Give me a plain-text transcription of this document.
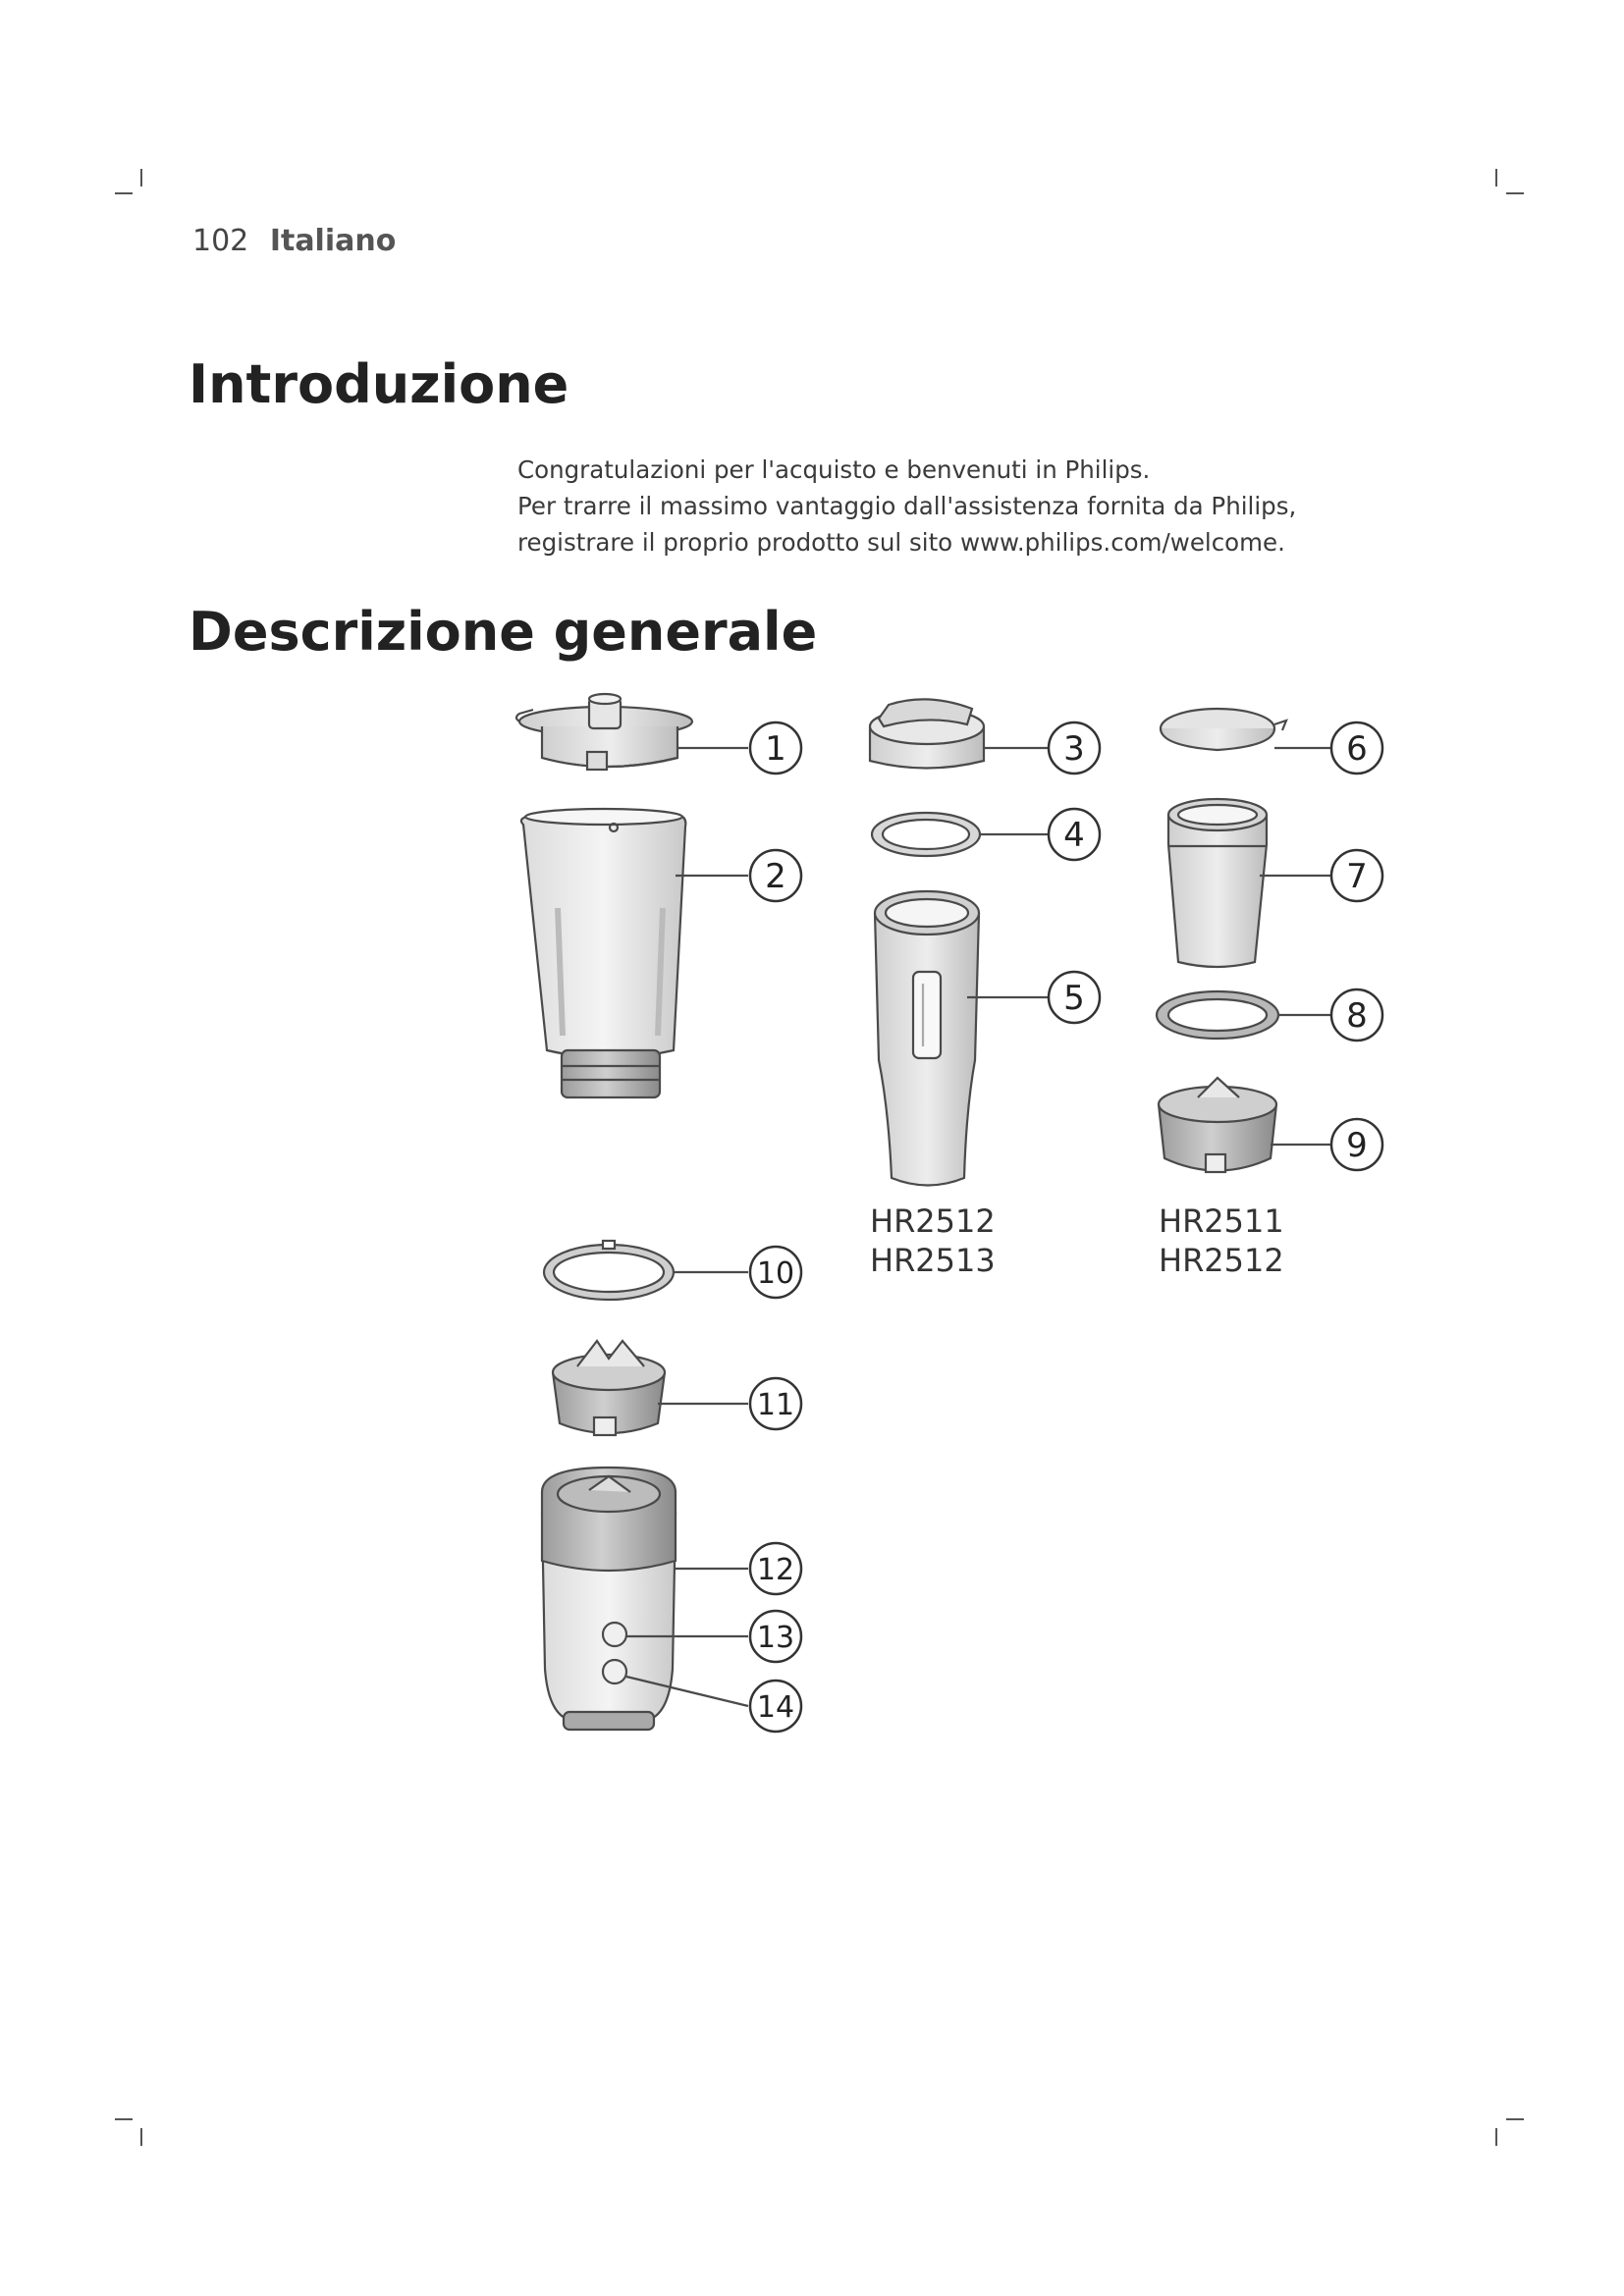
102 Italiano
Introduzione

Congratulazioni per l'acquisto e benvenuti in Philips.

Per trarre il massimo vantaggio dall'assistenza fornita da Philips, registrare il proprio prodotto sul sito www.philips.com/welcome.

Descrizione generale
1
2
3
4
5
6
7
8
9
10
11
12
13
14
HR2512
HR2513
HR2511
HR2512
